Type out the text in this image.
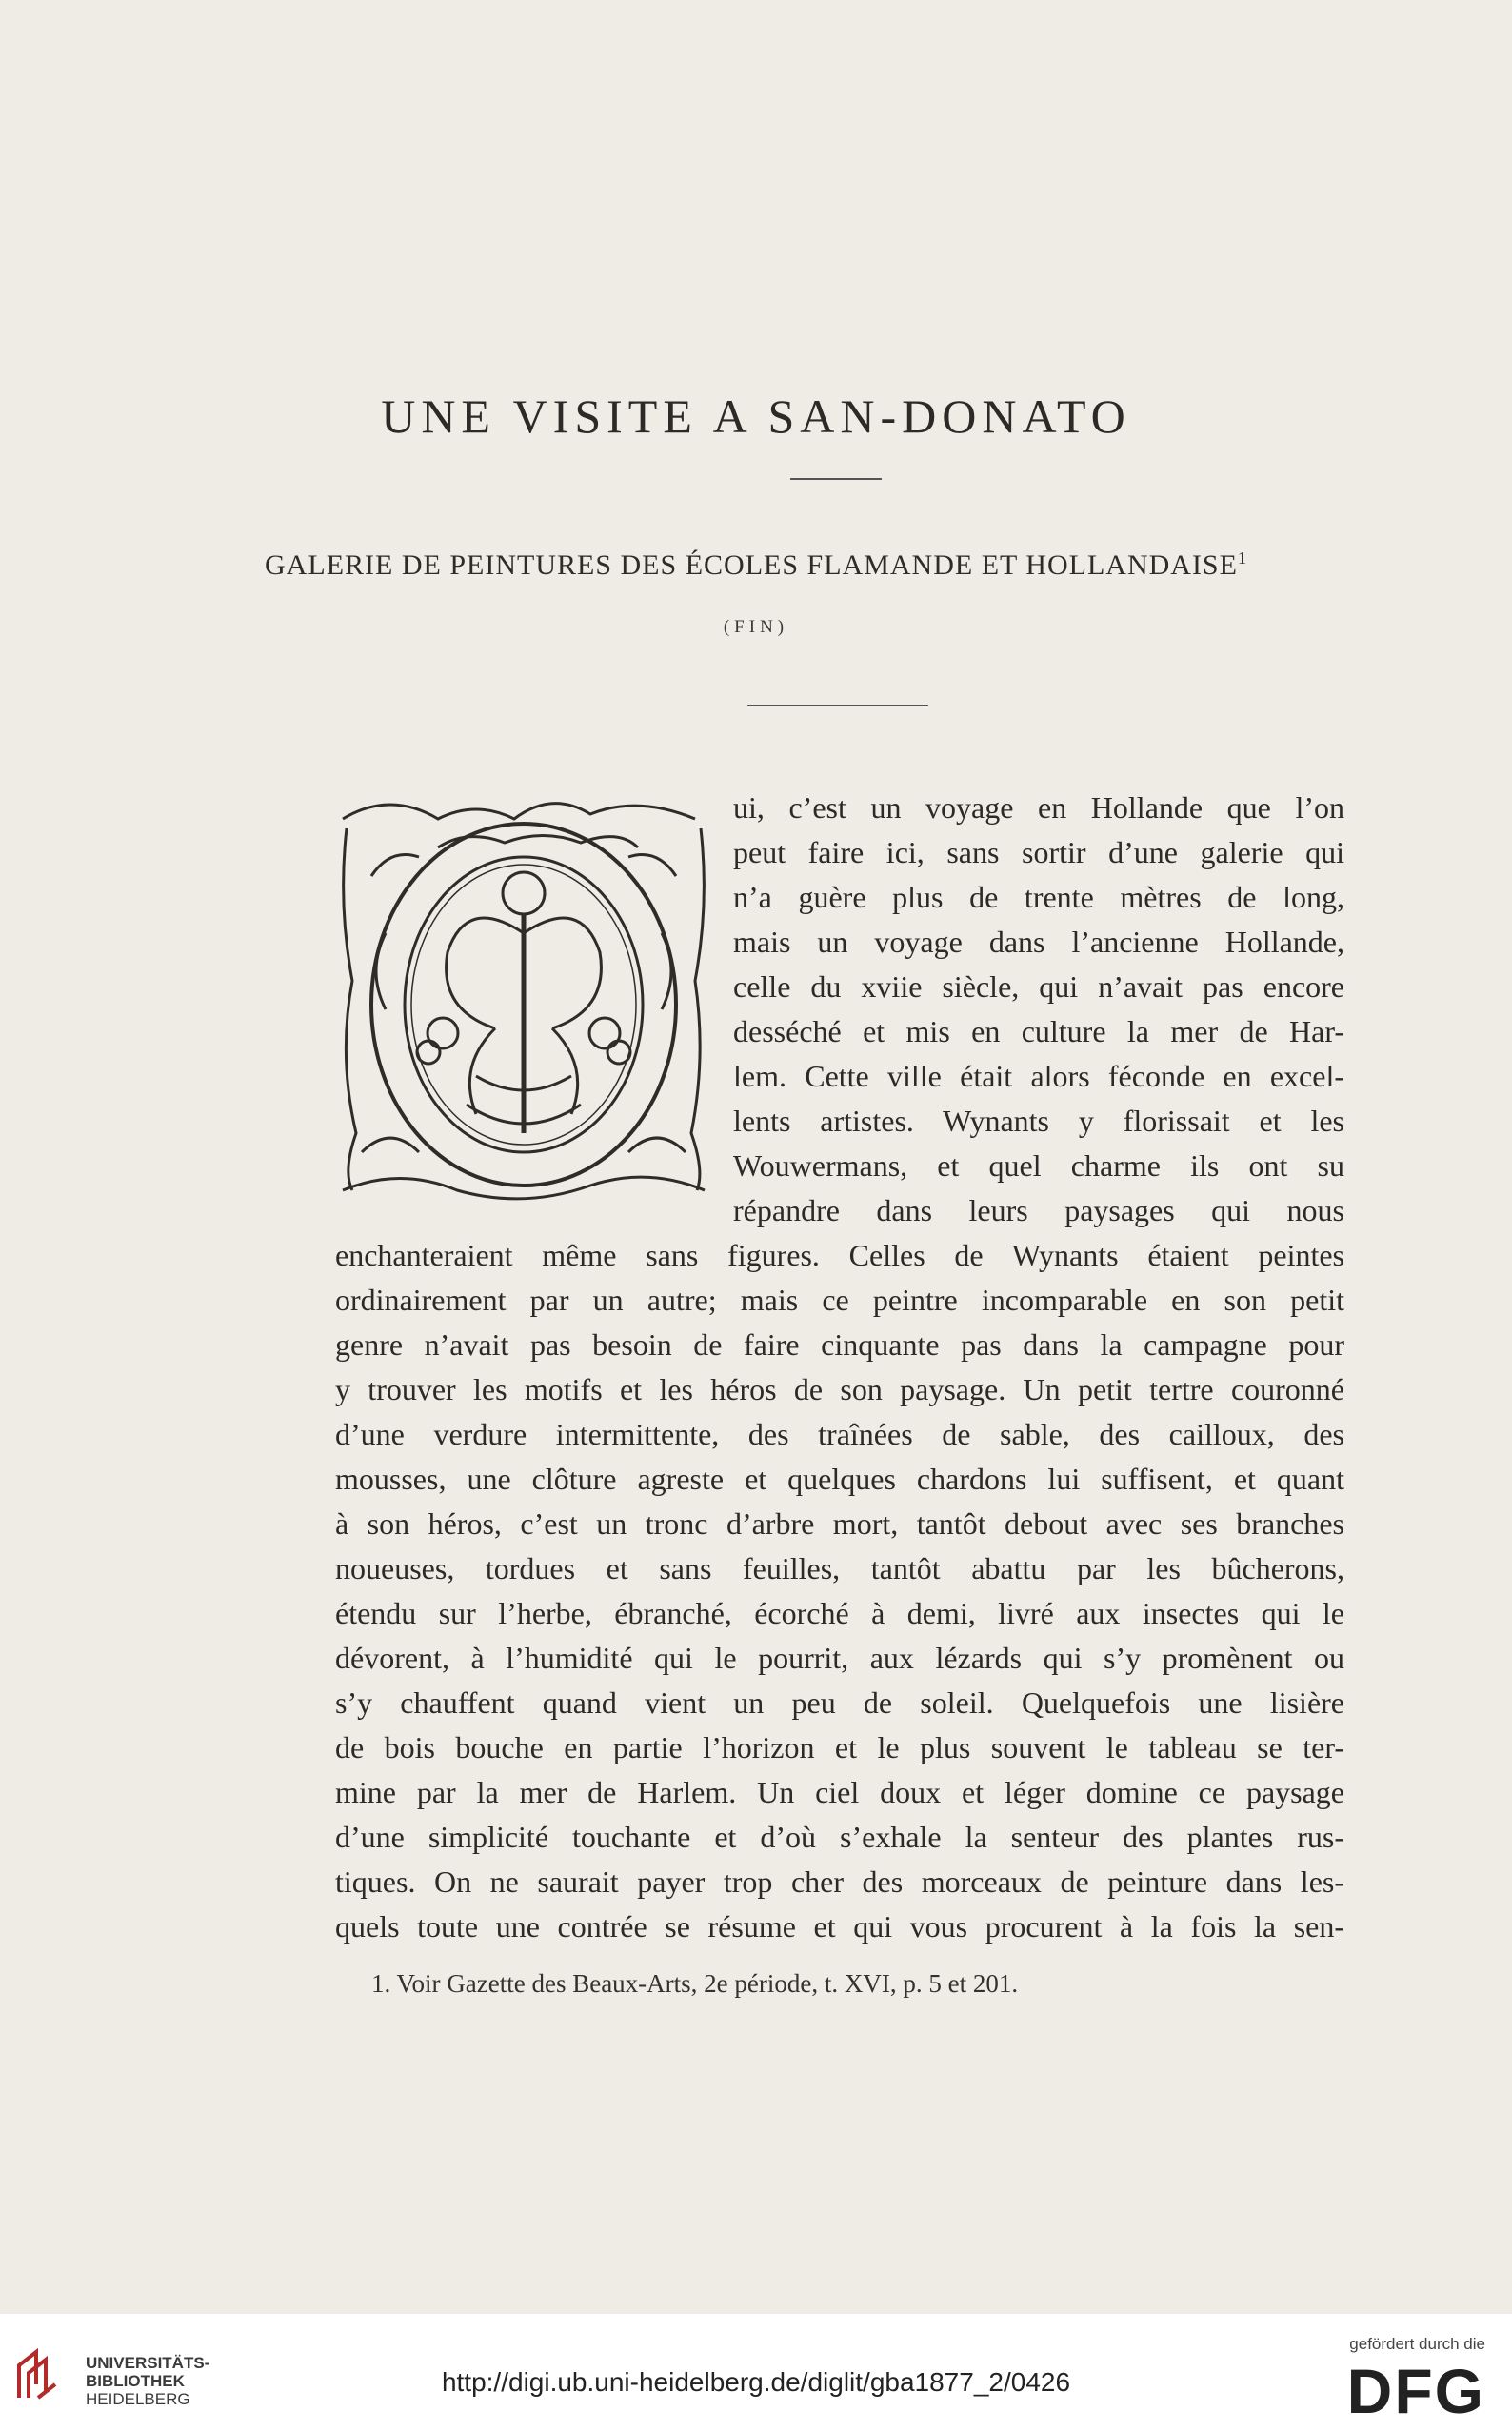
UNE VISITE A SAN-DONATO
GALERIE DE PEINTURES DES ÉCOLES FLAMANDE ET HOLLANDAISE$^1$
(FIN)
ui, c’est un voyage en Hollande que l’on
peut faire ici, sans sortir d’une galerie qui
n’a guère plus de trente mètres de long,
mais un voyage dans l’ancienne Hollande,
celle du xviie siècle, qui n’avait pas encore
desséché et mis en culture la mer de Har-
lem. Cette ville était alors féconde en excel-
lents artistes. Wynants y florissait et les
Wouwermans, et quel charme ils ont su
répandre dans leurs paysages qui nous
enchanteraient même sans figures. Celles de Wynants étaient peintes
ordinairement par un autre; mais ce peintre incomparable en son petit
genre n’avait pas besoin de faire cinquante pas dans la campagne pour
y trouver les motifs et les héros de son paysage. Un petit tertre couronné
d’une verdure intermittente, des traînées de sable, des cailloux, des
mousses, une clôture agreste et quelques chardons lui suffisent, et quant
à son héros, c’est un tronc d’arbre mort, tantôt debout avec ses branches
noueuses, tordues et sans feuilles, tantôt abattu par les bûcherons,
étendu sur l’herbe, ébranché, écorché à demi, livré aux insectes qui le
dévorent, à l’humidité qui le pourrit, aux lézards qui s’y promènent ou
s’y chauffent quand vient un peu de soleil. Quelquefois une lisière
de bois bouche en partie l’horizon et le plus souvent le tableau se ter-
mine par la mer de Harlem. Un ciel doux et léger domine ce paysage
d’une simplicité touchante et d’où s’exhale la senteur des plantes rus-
tiques. On ne saurait payer trop cher des morceaux de peinture dans les-
quels toute une contrée se résume et qui vous procurent à la fois la sen-
1. Voir Gazette des Beaux-Arts, 2e période, t. XVI, p. 5 et 201.
UNIVERSITÄTS-
BIBLIOTHEK
HEIDELBERG
http://digi.ub.uni-heidelberg.de/diglit/gba1877_2/0426
gefördert durch die
DFG
